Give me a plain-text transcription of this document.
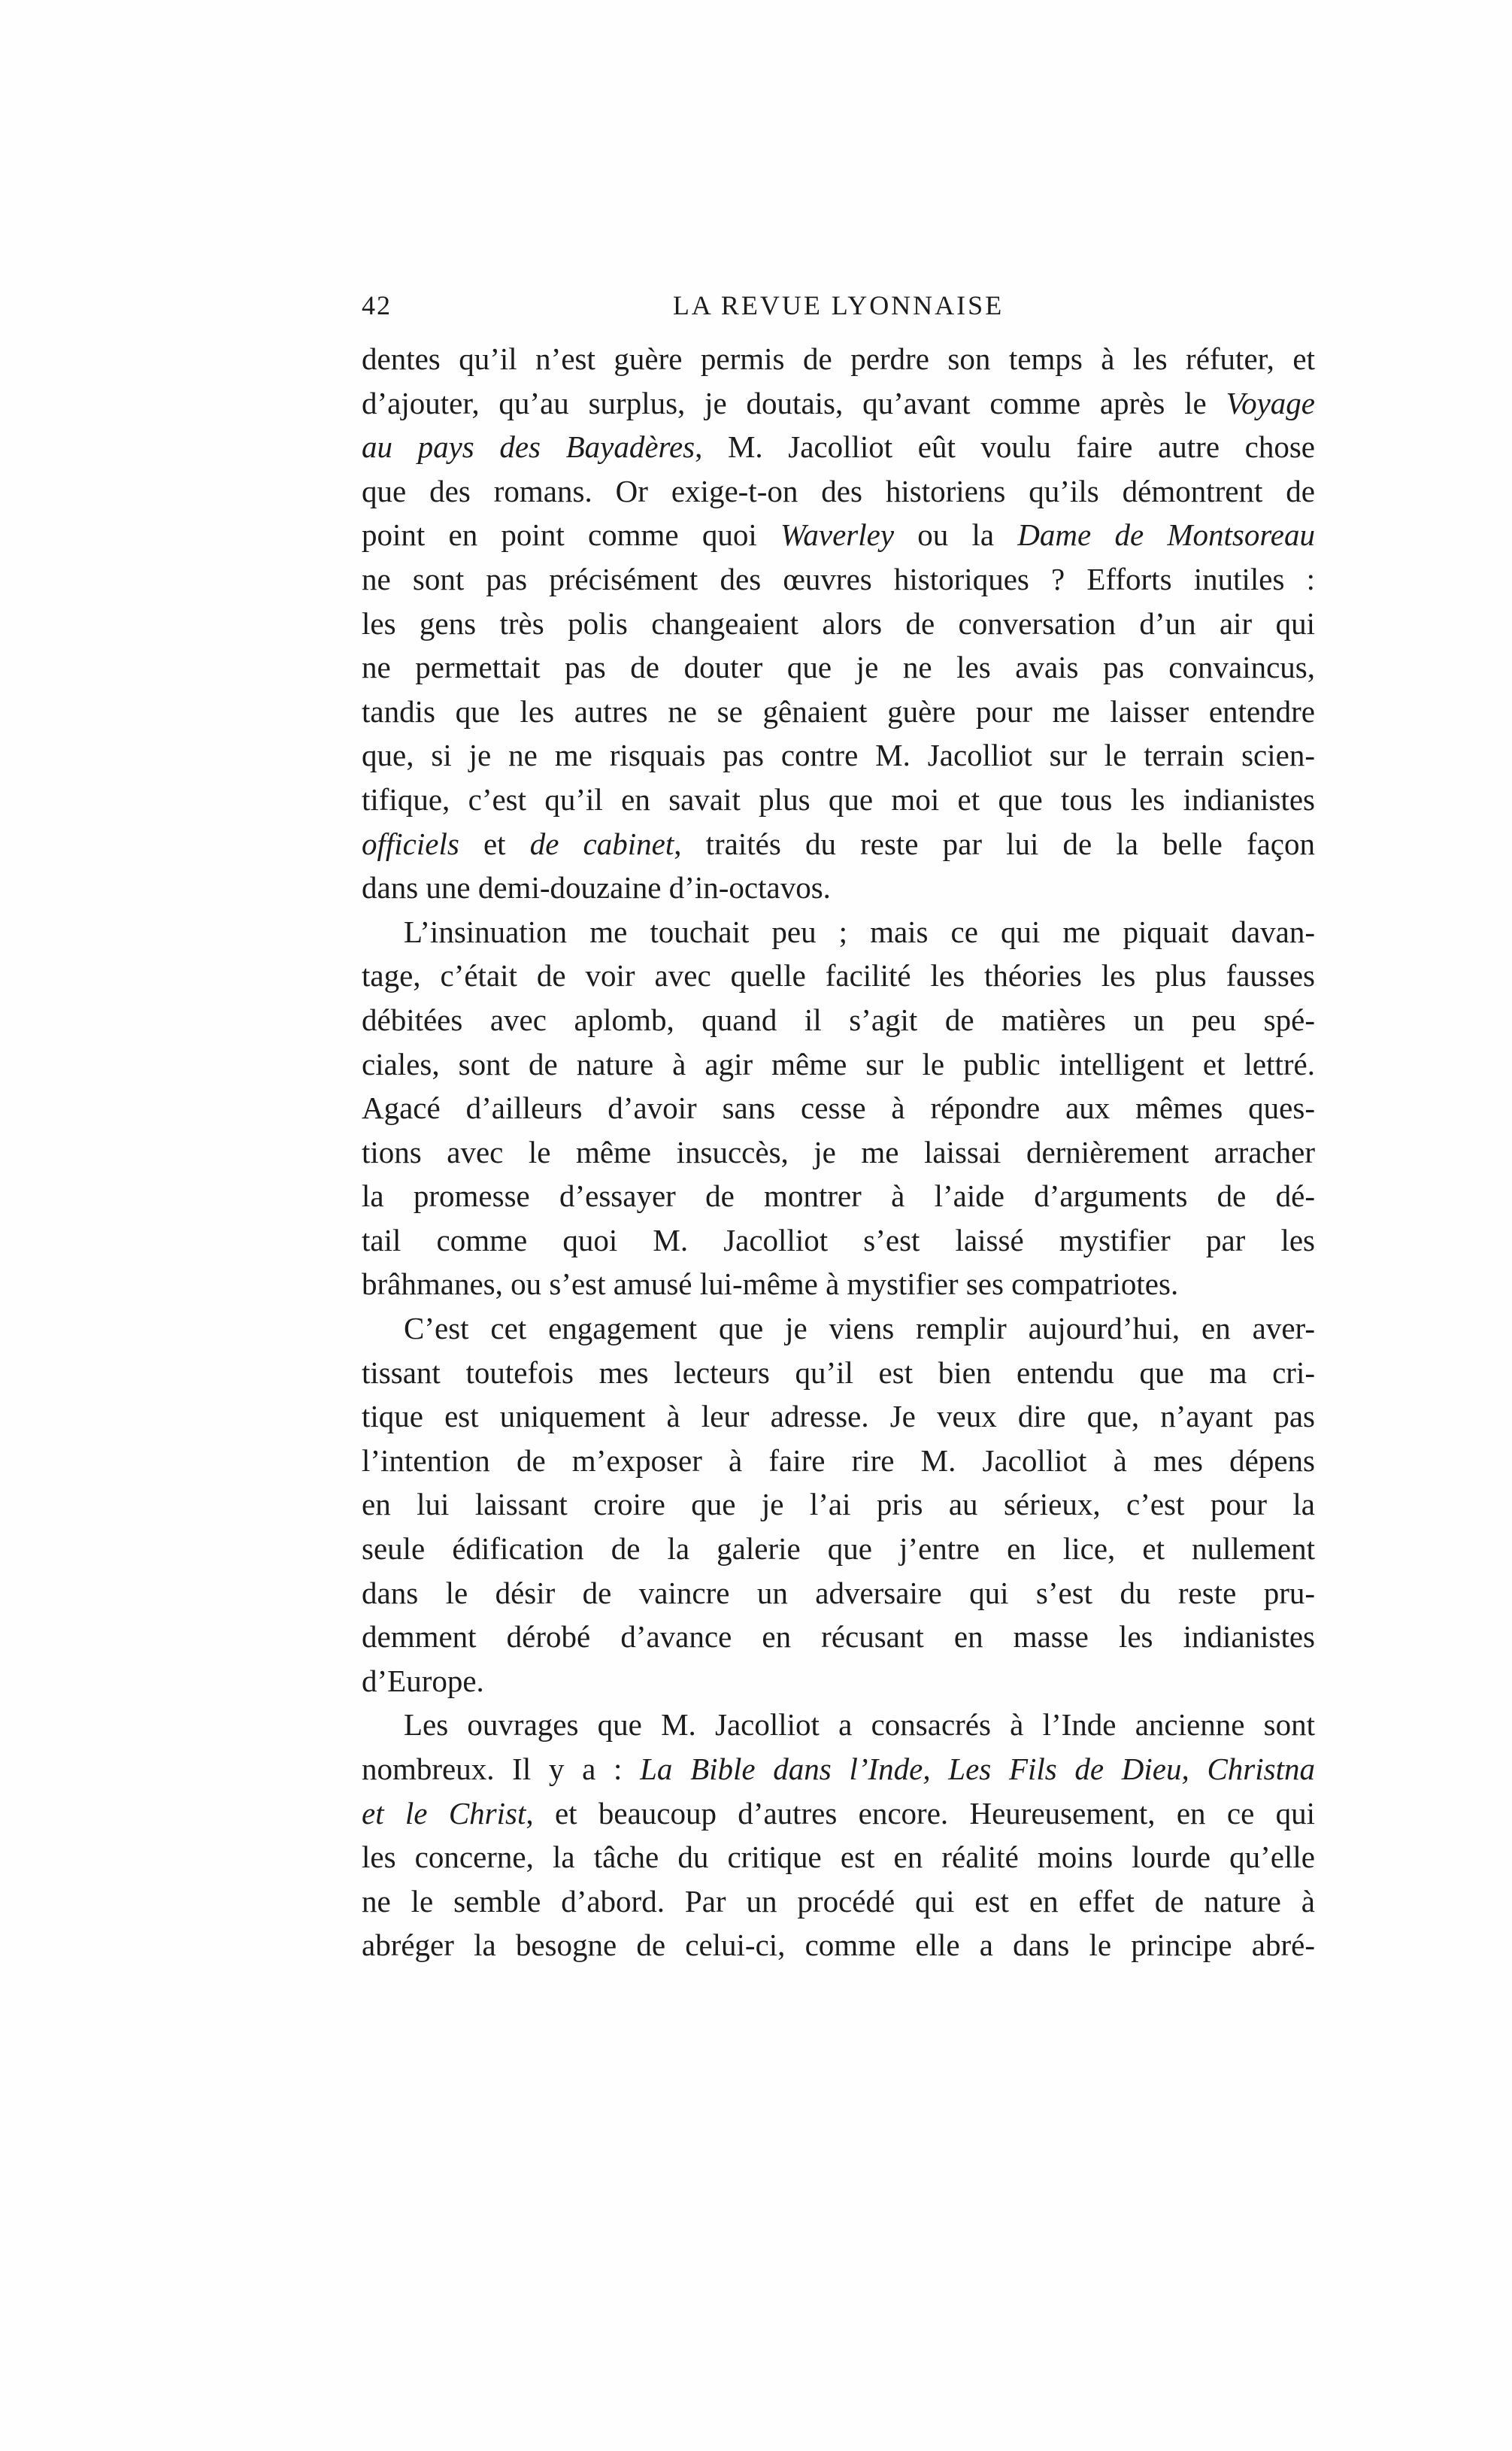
42	LA REVUE LYONNAISE
dentes qu’il n’est guère permis de perdre son temps à les réfuter, et
d’ajouter, qu’au surplus, je doutais, qu’avant comme après le Voyage
au pays des Bayadères, M. Jacolliot eût voulu faire autre chose
que des romans. Or exige-t-on des historiens qu’ils démontrent de
point en point comme quoi Waverley ou la Dame de Montsoreau
ne sont pas précisément des œuvres historiques ? Efforts inutiles :
les gens très polis changeaient alors de conversation d’un air qui
ne permettait pas de douter que je ne les avais pas convaincus,
tandis que les autres ne se gênaient guère pour me laisser entendre
que, si je ne me risquais pas contre M. Jacolliot sur le terrain scien-
tifique, c’est qu’il en savait plus que moi et que tous les indianistes
officiels et de cabinet, traités du reste par lui de la belle façon
dans une demi-douzaine d’in-octavos.
L’insinuation me touchait peu ; mais ce qui me piquait davan-
tage, c’était de voir avec quelle facilité les théories les plus fausses
débitées avec aplomb, quand il s’agit de matières un peu spé-
ciales, sont de nature à agir même sur le public intelligent et lettré.
Agacé d’ailleurs d’avoir sans cesse à répondre aux mêmes ques-
tions avec le même insuccès, je me laissai dernièrement arracher
la promesse d’essayer de montrer à l’aide d’arguments de dé-
tail comme quoi M. Jacolliot s’est laissé mystifier par les
brâhmanes, ou s’est amusé lui-même à mystifier ses compatriotes.
C’est cet engagement que je viens remplir aujourd’hui, en aver-
tissant toutefois mes lecteurs qu’il est bien entendu que ma cri-
tique est uniquement à leur adresse. Je veux dire que, n’ayant pas
l’intention de m’exposer à faire rire M. Jacolliot à mes dépens
en lui laissant croire que je l’ai pris au sérieux, c’est pour la
seule édification de la galerie que j’entre en lice, et nullement
dans le désir de vaincre un adversaire qui s’est du reste pru-
demment dérobé d’avance en récusant en masse les indianistes
d’Europe.
Les ouvrages que M. Jacolliot a consacrés à l’Inde ancienne sont
nombreux. Il y a : La Bible dans l’Inde, Les Fils de Dieu, Christna
et le Christ, et beaucoup d’autres encore. Heureusement, en ce qui
les concerne, la tâche du critique est en réalité moins lourde qu’elle
ne le semble d’abord. Par un procédé qui est en effet de nature à
abréger la besogne de celui-ci, comme elle a dans le principe abré-
